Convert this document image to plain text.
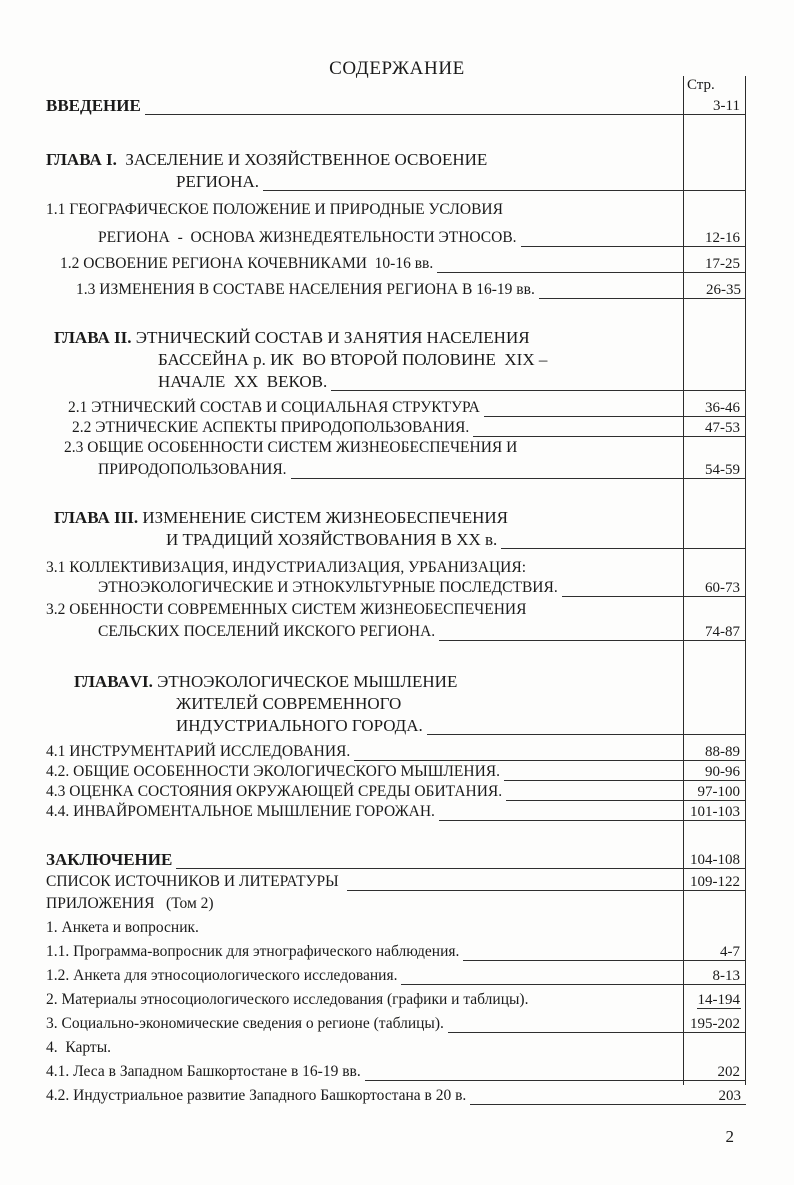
СОДЕРЖАНИЕ
Стр.
ВВЕДЕНИЕ	3-11
ГЛАВА I.  ЗАСЕЛЕНИЕ И ХОЗЯЙСТВЕННОЕ ОСВОЕНИЕ
РЕГИОНА.
1.1 ГЕОГРАФИЧЕСКОЕ ПОЛОЖЕНИЕ И ПРИРОДНЫЕ УСЛОВИЯ
РЕГИОНА  -  ОСНОВА ЖИЗНЕДЕЯТЕЛЬНОСТИ ЭТНОСОВ.	12-16
1.2 ОСВОЕНИЕ РЕГИОНА КОЧЕВНИКАМИ  10-16 вв.	17-25
1.3 ИЗМЕНЕНИЯ В СОСТАВЕ НАСЕЛЕНИЯ РЕГИОНА В 16-19 вв.	26-35
ГЛАВА II. ЭТНИЧЕСКИЙ СОСТАВ И ЗАНЯТИЯ НАСЕЛЕНИЯ
БАССЕЙНА р. ИК  ВО ВТОРОЙ ПОЛОВИНЕ  XIX –
НАЧАЛЕ  XX  ВЕКОВ.
2.1 ЭТНИЧЕСКИЙ СОСТАВ И СОЦИАЛЬНАЯ СТРУКТУРА	36-46
2.2 ЭТНИЧЕСКИЕ АСПЕКТЫ ПРИРОДОПОЛЬЗОВАНИЯ.	47-53
2.3 ОБЩИЕ ОСОБЕННОСТИ СИСТЕМ ЖИЗНЕОБЕСПЕЧЕНИЯ И
ПРИРОДОПОЛЬЗОВАНИЯ.	54-59
ГЛАВА III. ИЗМЕНЕНИЕ СИСТЕМ ЖИЗНЕОБЕСПЕЧЕНИЯ
И ТРАДИЦИЙ ХОЗЯЙСТВОВАНИЯ В XX в.
3.1 КОЛЛЕКТИВИЗАЦИЯ, ИНДУСТРИАЛИЗАЦИЯ, УРБАНИЗАЦИЯ:
ЭТНОЭКОЛОГИЧЕСКИЕ И ЭТНОКУЛЬТУРНЫЕ ПОСЛЕДСТВИЯ.	60-73
3.2 ОБЕННОСТИ СОВРЕМЕННЫХ СИСТЕМ ЖИЗНЕОБЕСПЕЧЕНИЯ
СЕЛЬСКИХ ПОСЕЛЕНИЙ ИКСКОГО РЕГИОНА.	74-87
ГЛАВАVI. ЭТНОЭКОЛОГИЧЕСКОЕ МЫШЛЕНИЕ
ЖИТЕЛЕЙ СОВРЕМЕННОГО
ИНДУСТРИАЛЬНОГО ГОРОДА.
4.1 ИНСТРУМЕНТАРИЙ ИССЛЕДОВАНИЯ.	88-89
4.2. ОБЩИЕ ОСОБЕННОСТИ ЭКОЛОГИЧЕСКОГО МЫШЛЕНИЯ.	90-96
4.3 ОЦЕНКА СОСТОЯНИЯ ОКРУЖАЮЩЕЙ СРЕДЫ ОБИТАНИЯ.	97-100
4.4. ИНВАЙРОМЕНТАЛЬНОЕ МЫШЛЕНИЕ ГОРОЖАН.	101-103
ЗАКЛЮЧЕНИЕ	104-108
СПИСОК ИСТОЧНИКОВ И ЛИТЕРАТУРЫ	109-122
ПРИЛОЖЕНИЯ   (Том 2)
1. Анкета и вопросник.
1.1. Программа-вопросник для этнографического наблюдения.	4-7
1.2. Анкета для этносоциологического исследования.	8-13
2. Материалы этносоциологического исследования (графики и таблицы).	14-194
3. Социально-экономические сведения о регионе (таблицы).	195-202
4.  Карты.
4.1. Леса в Западном Башкортостане в 16-19 вв.	202
4.2. Индустриальное развитие Западного Башкортостана в 20 в.	203
2
